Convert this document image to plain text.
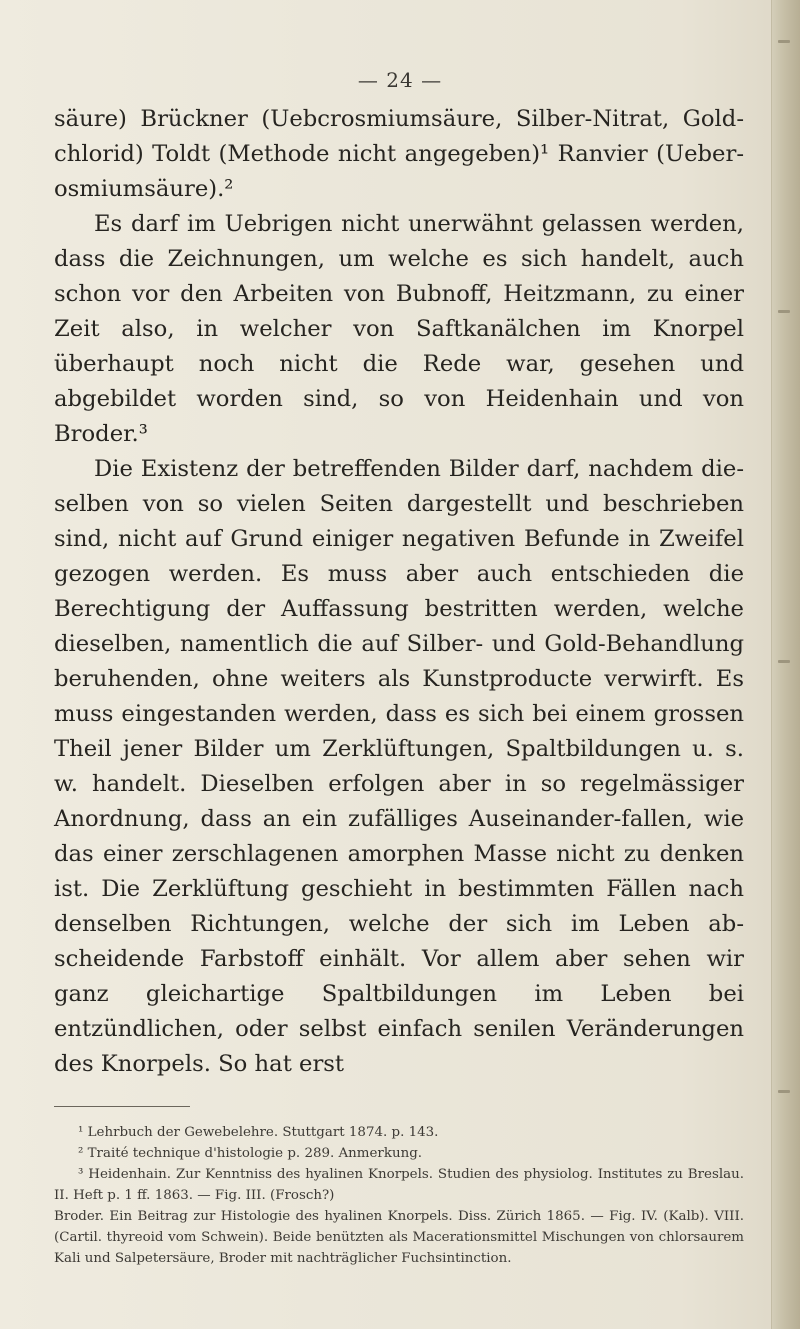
— 24 —

säure) Brückner (Uebcrosmiumsäure, Silber-Nitrat, Gold-chlorid) Toldt (Methode nicht angegeben)¹ Ranvier (Ueber-osmiumsäure).²

Es darf im Uebrigen nicht unerwähnt gelassen werden, dass die Zeichnungen, um welche es sich handelt, auch schon vor den Arbeiten von Bubnoff, Heitzmann, zu einer Zeit also, in welcher von Saftkanälchen im Knorpel überhaupt noch nicht die Rede war, gesehen und abgebildet worden sind, so von Heidenhain und von Broder.³

Die Existenz der betreffenden Bilder darf, nachdem die-selben von so vielen Seiten dargestellt und beschrieben sind, nicht auf Grund einiger negativen Befunde in Zweifel gezogen werden. Es muss aber auch entschieden die Berechtigung der Auffassung bestritten werden, welche dieselben, namentlich die auf Silber- und Gold-Behandlung beruhenden, ohne weiters als Kunstproducte verwirft. Es muss eingestanden werden, dass es sich bei einem grossen Theil jener Bilder um Zerklüftungen, Spaltbildungen u. s. w. handelt. Dieselben erfolgen aber in so regelmässiger Anordnung, dass an ein zufälliges Auseinander-fallen, wie das einer zerschlagenen amorphen Masse nicht zu denken ist. Die Zerklüftung geschieht in bestimmten Fällen nach denselben Richtungen, welche der sich im Leben ab-scheidende Farbstoff einhält. Vor allem aber sehen wir ganz gleichartige Spaltbildungen im Leben bei entzündlichen, oder selbst einfach senilen Veränderungen des Knorpels. So hat erst

¹ Lehrbuch der Gewebelehre. Stuttgart 1874. p. 143.

² Traité technique d'histologie p. 289. Anmerkung.

³ Heidenhain. Zur Kenntniss des hyalinen Knorpels. Studien des physiolog. Institutes zu Breslau. II. Heft p. 1 ff. 1863. — Fig. III. (Frosch?)

Broder. Ein Beitrag zur Histologie des hyalinen Knorpels. Diss. Zürich 1865. — Fig. IV. (Kalb). VIII. (Cartil. thyreoid vom Schwein). Beide benützten als Macerationsmittel Mischungen von chlorsaurem Kali und Salpetersäure, Broder mit nachträglicher Fuchsintinction.
